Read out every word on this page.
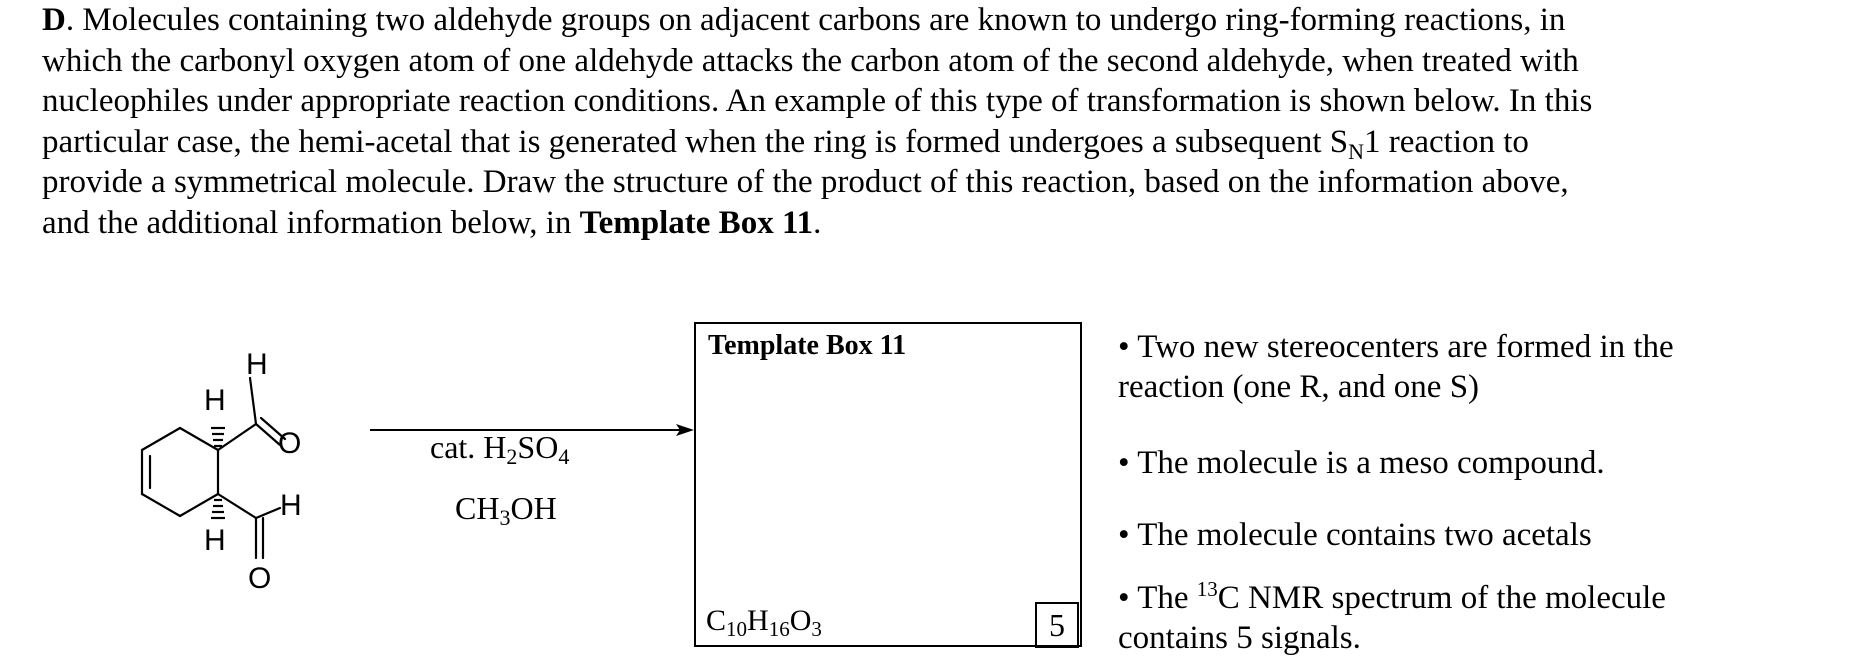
D. Molecules containing two aldehyde groups on adjacent carbons are known to undergo ring-forming reactions, in which the carbonyl oxygen atom of one aldehyde attacks the carbon atom of the second aldehyde, when treated with nucleophiles under appropriate reaction conditions. An example of this type of transformation is shown below. In this particular case, the hemi-acetal that is generated when the ring is formed undergoes a subsequent $S_N1$ reaction to provide a symmetrical molecule. Draw the structure of the product of this reaction, based on the information above, and the additional information below, in Template Box 11.
H
H
O
H
H
O
cat. $H_2SO_4$
$CH_3OH$
Template Box 11
$C_{10}H_{16}O_3$	5
• Two new stereocenters are formed in the reaction (one R, and one S)
• The molecule is a meso compound.
• The molecule contains two acetals
• The $^{13}$C NMR spectrum of the molecule contains 5 signals.
